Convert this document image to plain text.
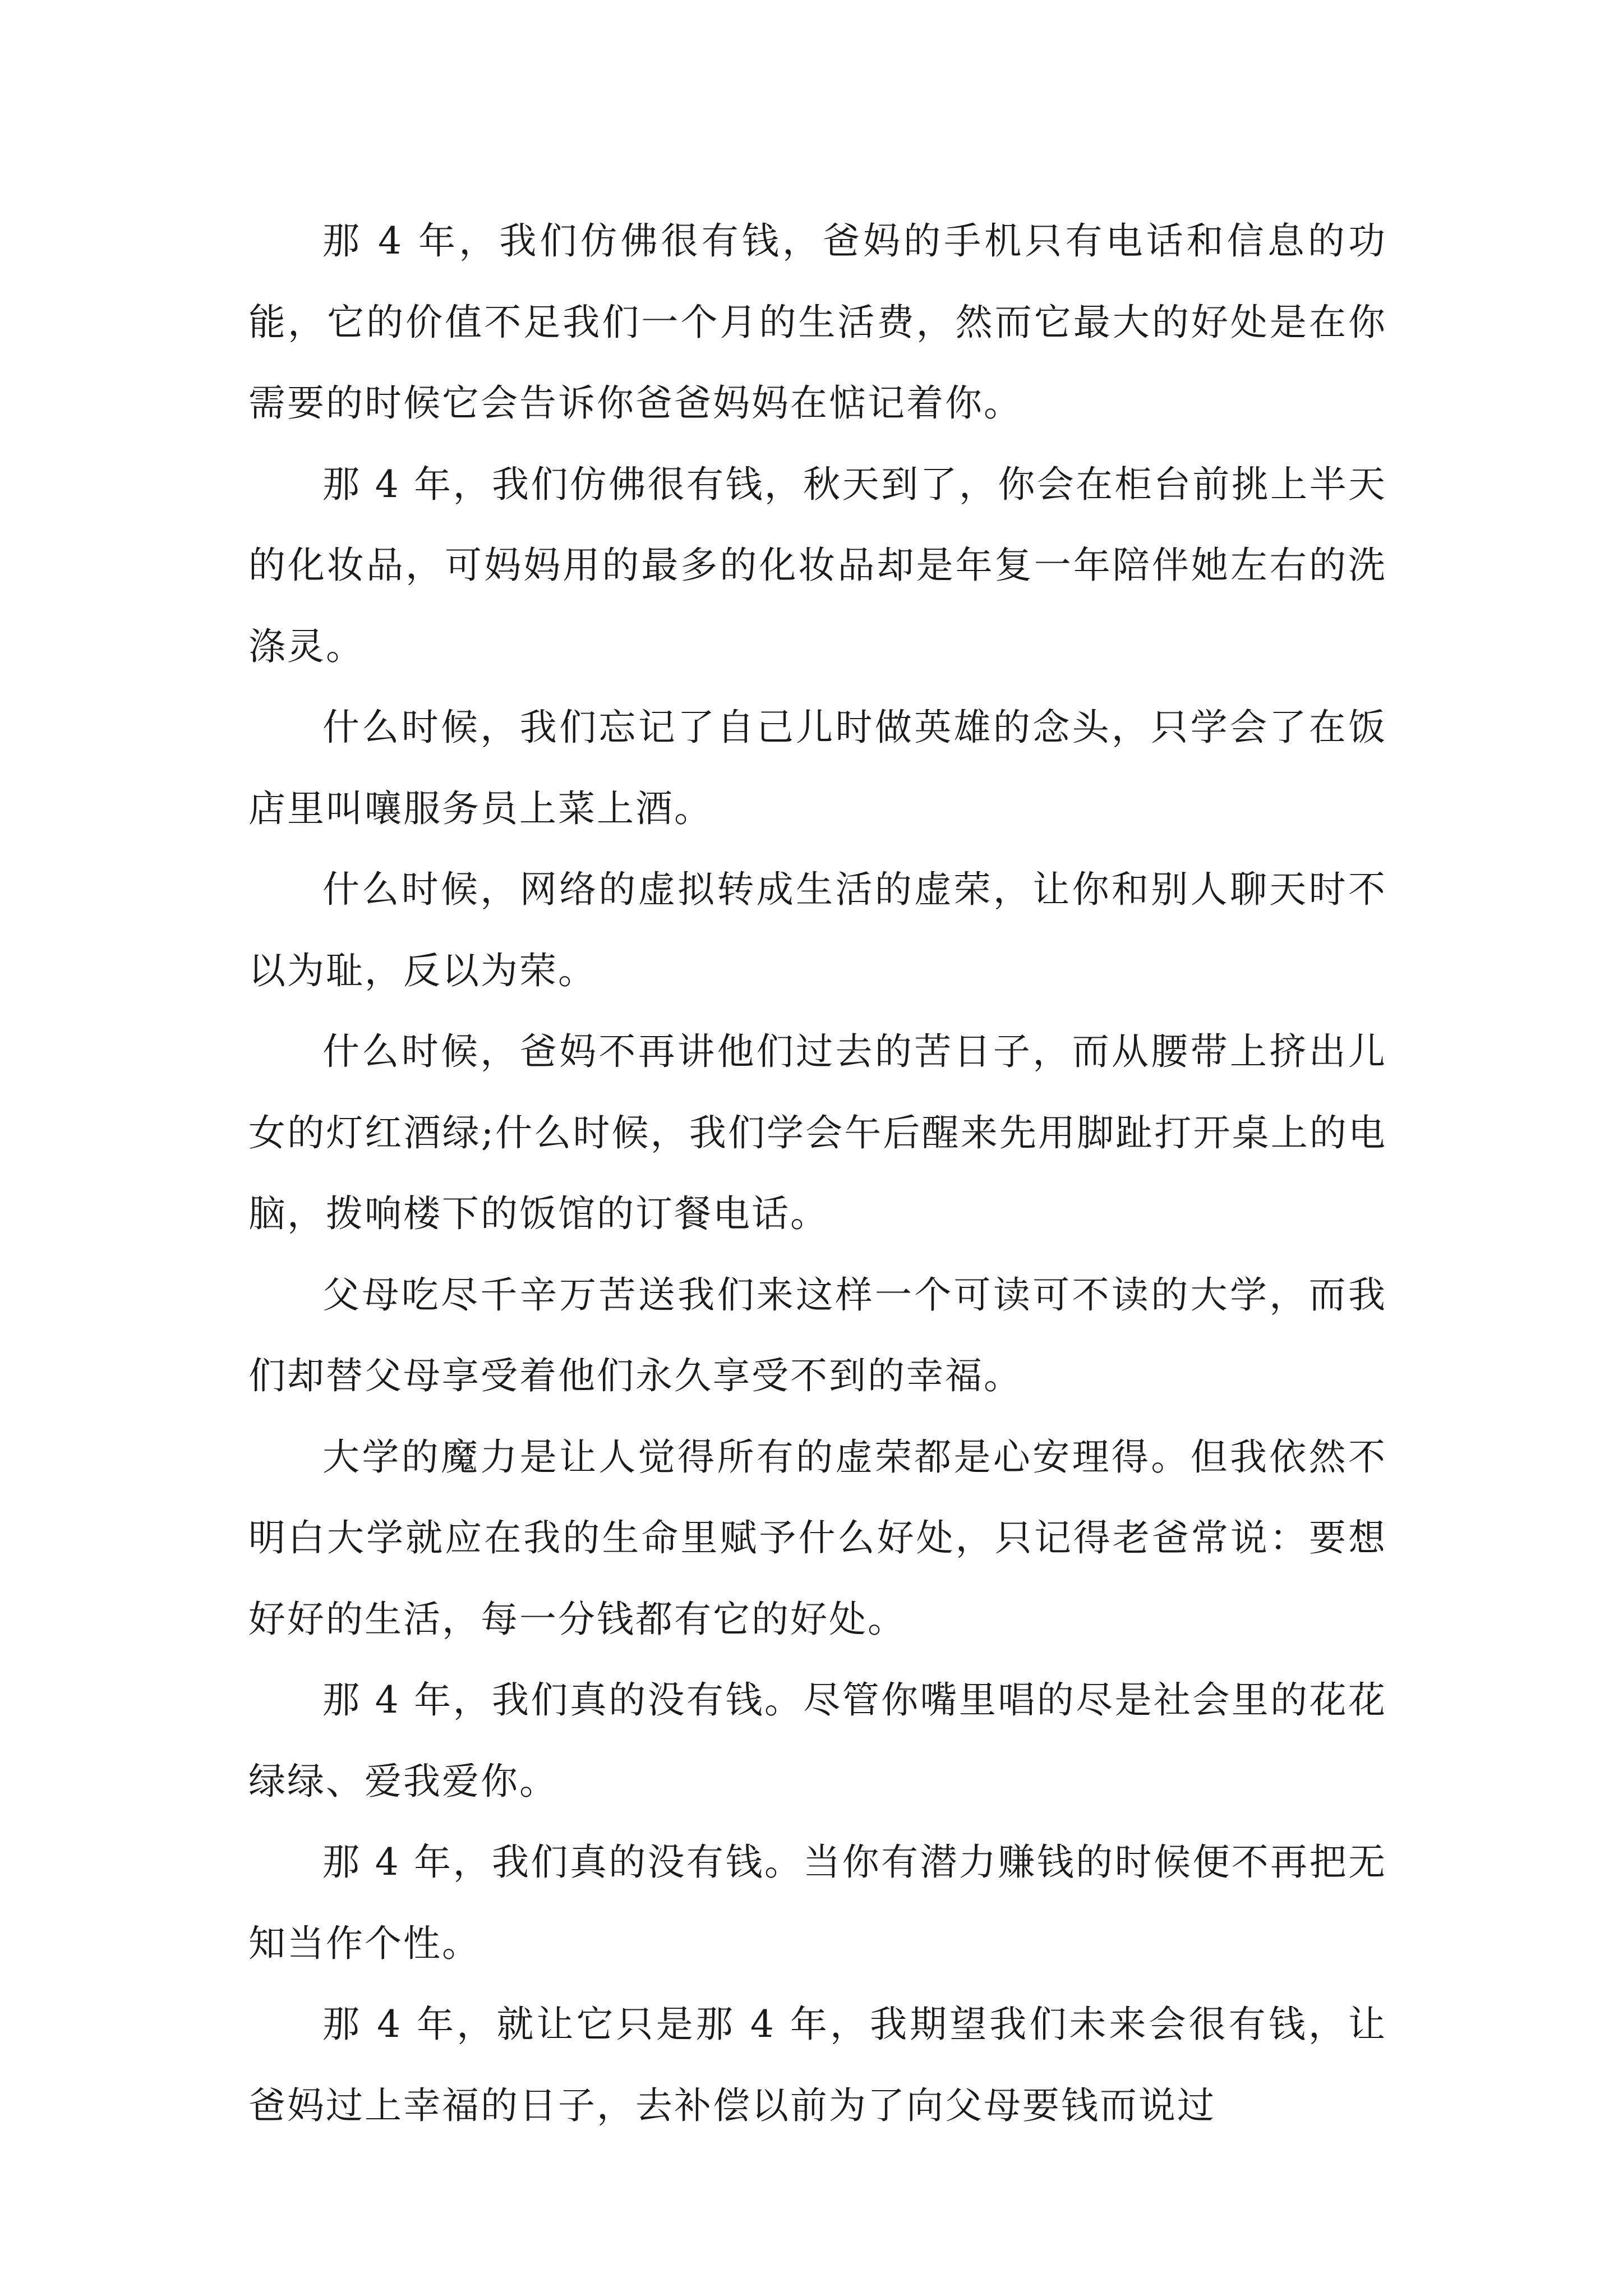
那 4 年，我们仿佛很有钱，爸妈的手机只有电话和信息的功能，它的价值不足我们一个月的生活费，然而它最大的好处是在你需要的时候它会告诉你爸爸妈妈在惦记着你。

那 4 年，我们仿佛很有钱，秋天到了，你会在柜台前挑上半天的化妆品，可妈妈用的最多的化妆品却是年复一年陪伴她左右的洗涤灵。

什么时候，我们忘记了自己儿时做英雄的念头，只学会了在饭店里叫嚷服务员上菜上酒。

什么时候，网络的虚拟转成生活的虚荣，让你和别人聊天时不以为耻，反以为荣。

什么时候，爸妈不再讲他们过去的苦日子，而从腰带上挤出儿女的灯红酒绿;什么时候，我们学会午后醒来先用脚趾打开桌上的电脑，拨响楼下的饭馆的订餐电话。

父母吃尽千辛万苦送我们来这样一个可读可不读的大学，而我们却替父母享受着他们永久享受不到的幸福。

大学的魔力是让人觉得所有的虚荣都是心安理得。但我依然不明白大学就应在我的生命里赋予什么好处，只记得老爸常说：要想好好的生活，每一分钱都有它的好处。

那 4 年，我们真的没有钱。尽管你嘴里唱的尽是社会里的花花绿绿、爱我爱你。

那 4 年，我们真的没有钱。当你有潜力赚钱的时候便不再把无知当作个性。

那 4 年，就让它只是那 4 年，我期望我们未来会很有钱，让爸妈过上幸福的日子，去补偿以前为了向父母要钱而说过
